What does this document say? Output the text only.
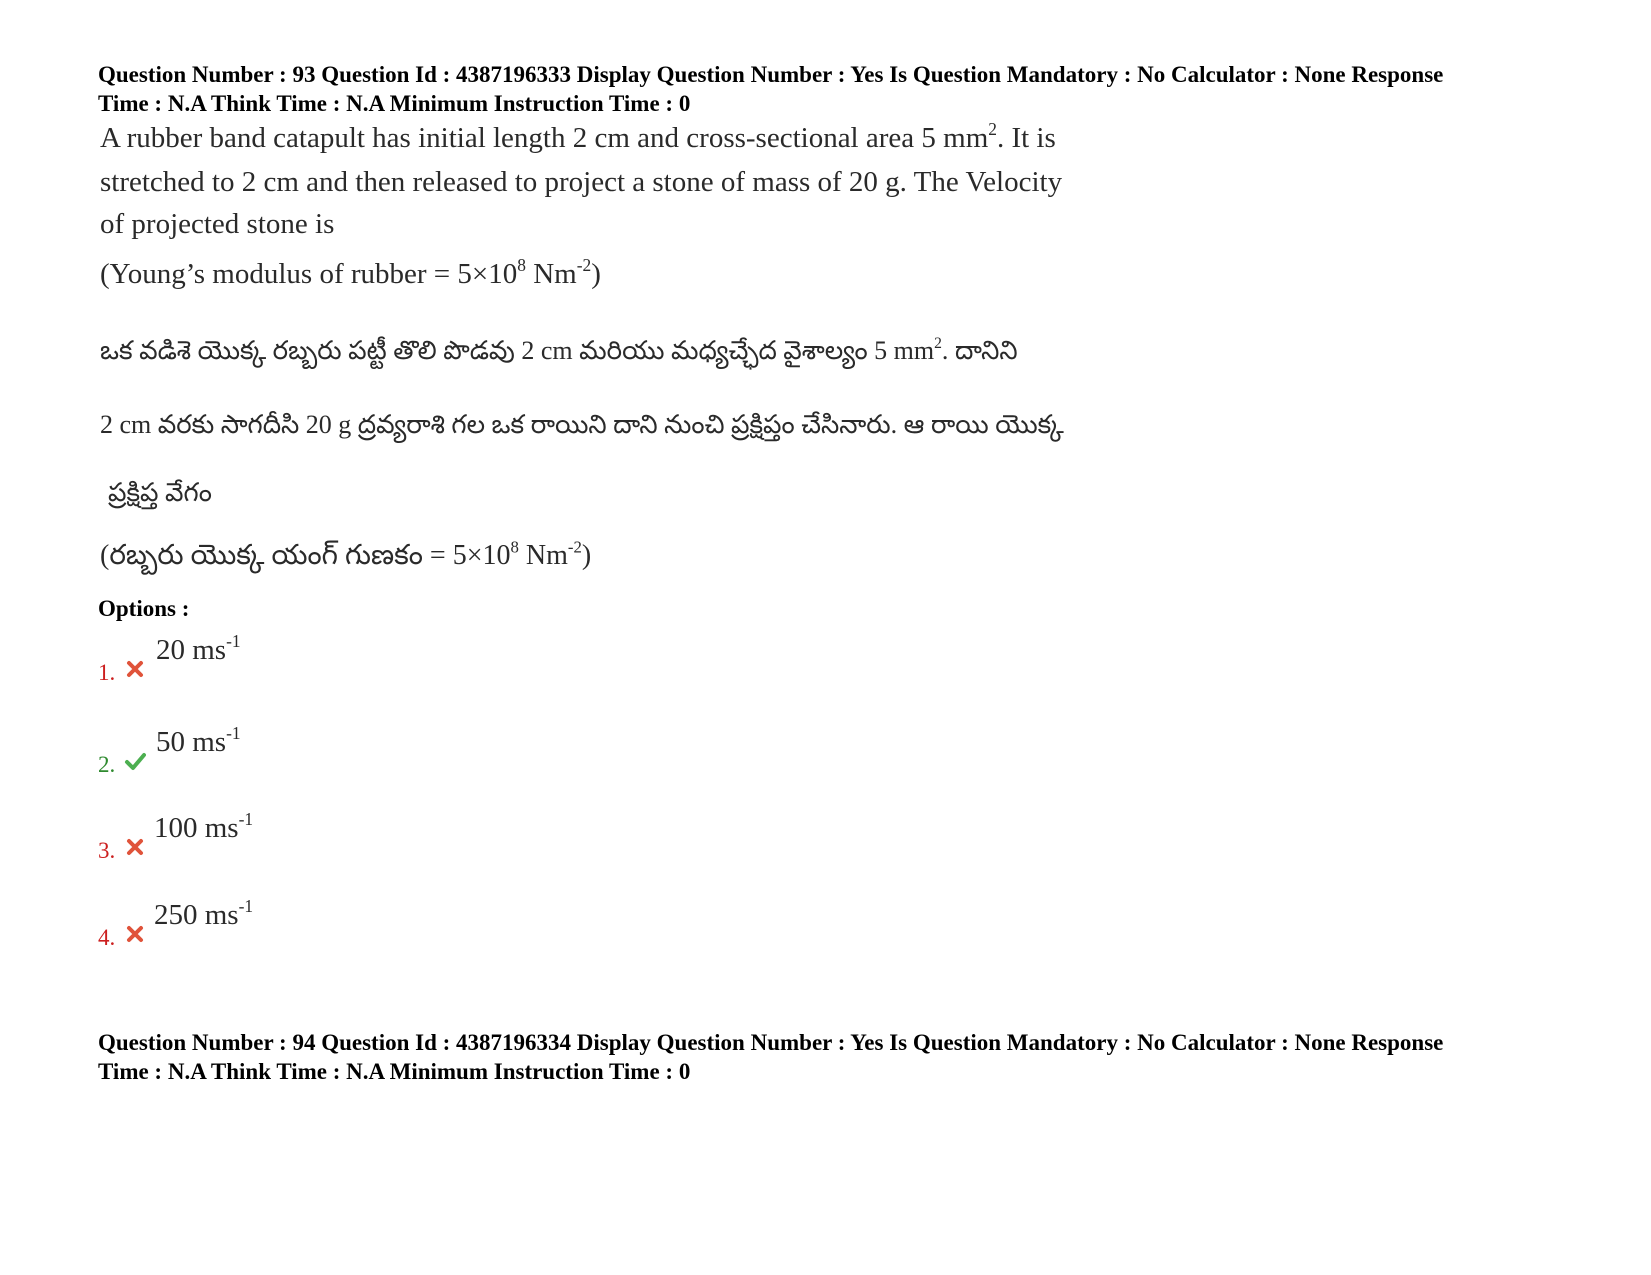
Question Number : 93 Question Id : 4387196333 Display Question Number : Yes Is Question Mandatory : No Calculator : None Response
Time : N.A Think Time : N.A Minimum Instruction Time : 0
A rubber band catapult has initial length 2 cm and cross-sectional area 5 $mm^2$. It is
stretched to 2 cm and then released to project a stone of mass of 20 g. The Velocity
of projected stone is
(Young’s modulus of rubber = $5\times 10^8$ $Nm^{-2}$)
ఒక వడిశె యొక్క రబ్బరు పట్టీ తొలి పొడవు 2 cm మరియు మధ్యచ్ఛేద వైశాల్యం 5 $mm^2$. దానిని
2 cm వరకు సాగదీసి 20 g ద్రవ్యరాశి గల ఒక రాయిని దాని నుంచి ప్రక్షిప్తం చేసినారు. ఆ రాయి యొక్క
ప్రక్షిప్త వేగం
(రబ్బరు యొక్క యంగ్ గుణకం = $5\times 10^8$ $Nm^{-2}$)
Options :
1.
20 $ms^{-1}$
2.
50 $ms^{-1}$
3.
100 $ms^{-1}$
4.
250 $ms^{-1}$
Question Number : 94 Question Id : 4387196334 Display Question Number : Yes Is Question Mandatory : No Calculator : None Response
Time : N.A Think Time : N.A Minimum Instruction Time : 0
